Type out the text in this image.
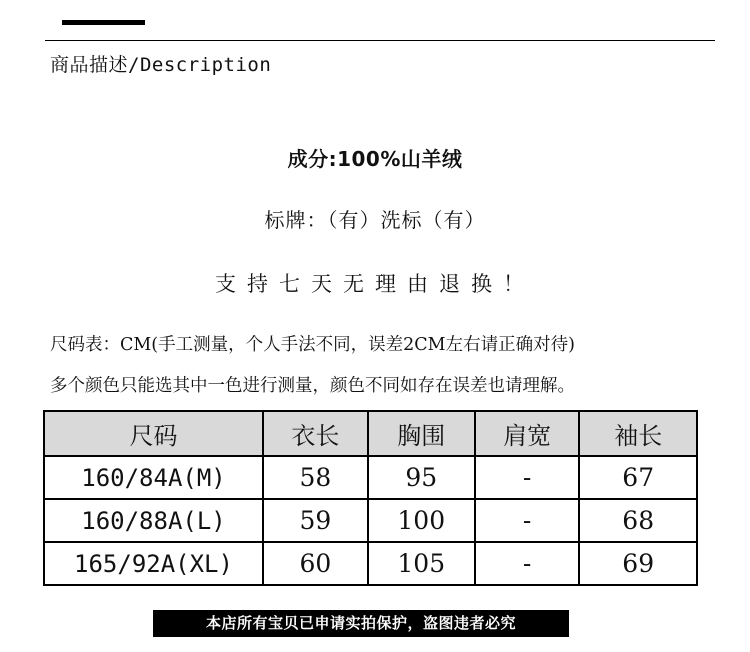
商品描述/Description
成分:100%山羊绒
标牌：（有）洗标（有）
支持七天无理由退换！
尺码表：CM(手工测量，个人手法不同，误差2CM左右请正确对待)
多个颜色只能选其中一色进行测量，颜色不同如存在误差也请理解。
尺码	衣长	胸围	肩宽	袖长
160/84A(M)	58	95	-	67
160/88A(L)	59	100	-	68
165/92A(XL)	60	105	-	69
本店所有宝贝已申请实拍保护，盗图违者必究
